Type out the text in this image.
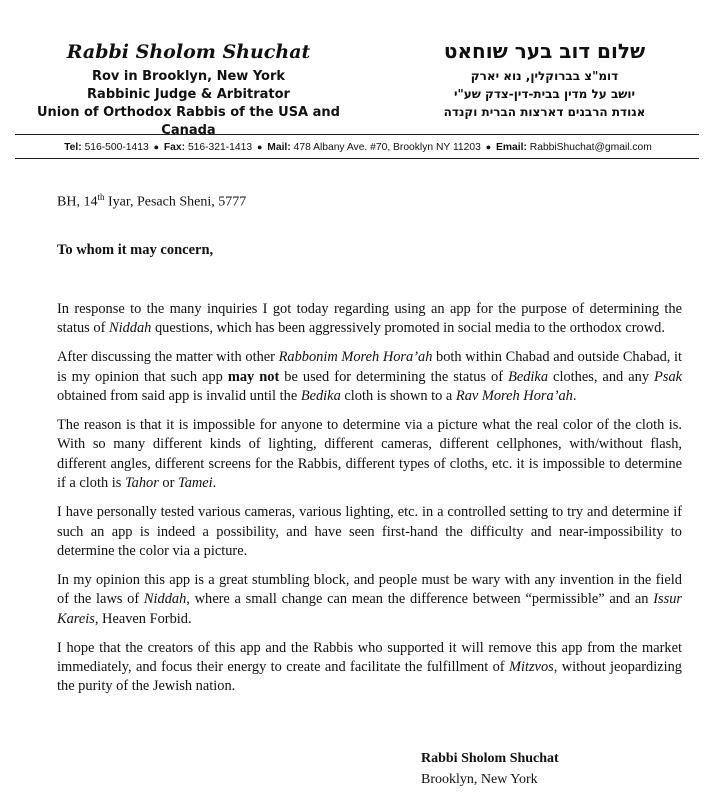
Rabbi Sholom Shuchat
Rov in Brooklyn, New York
Rabbinic Judge & Arbitrator
Union of Orthodox Rabbis of the USA and Canada
שלום דוב בער שוחאט
דומ"צ בברוקלין, נוא יארק
יושב על מדין בבית-דין-צדק שע"י
אגודת הרבנים דארצות הברית וקנדה
Tel: 516-500-1413 ● Fax: 516-321-1413 ● Mail: 478 Albany Ave. #70, Brooklyn NY 11203 ● Email: RabbiShuchat@gmail.com
BH, 14th Iyar, Pesach Sheni, 5777
To whom it may concern,

In response to the many inquiries I got today regarding using an app for the purpose of determining the status of Niddah questions, which has been aggressively promoted in social media to the orthodox crowd.

After discussing the matter with other Rabbonim Moreh Hora’ah both within Chabad and outside Chabad, it is my opinion that such app may not be used for determining the status of Bedika clothes, and any Psak obtained from said app is invalid until the Bedika cloth is shown to a Rav Moreh Hora’ah.

The reason is that it is impossible for anyone to determine via a picture what the real color of the cloth is. With so many different kinds of lighting, different cameras, different cellphones, with/without flash, different angles, different screens for the Rabbis, different types of cloths, etc. it is impossible to determine if a cloth is Tahor or Tamei.

I have personally tested various cameras, various lighting, etc. in a controlled setting to try and determine if such an app is indeed a possibility, and have seen first-hand the difficulty and near-impossibility to determine the color via a picture.

In my opinion this app is a great stumbling block, and people must be wary with any invention in the field of the laws of Niddah, where a small change can mean the difference between “permissible” and an Issur Kareis, Heaven Forbid.

I hope that the creators of this app and the Rabbis who supported it will remove this app from the market immediately, and focus their energy to create and facilitate the fulfillment of Mitzvos, without jeopardizing the purity of the Jewish nation.

Rabbi Sholom Shuchat
Brooklyn, New York
